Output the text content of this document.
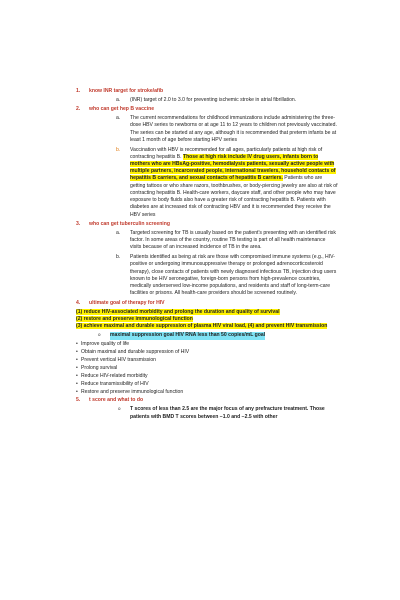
1.	know INR target for stroke/afib
a.	(INR) target of 2.0 to 3.0 for preventing ischemic stroke in atrial fibrillation.
2.	who can get hep B vaccine
a.	The current recommendations for childhood immunizations include administering the three-dose HBV series to newborns or at age 11 to 12 years to children not previously vaccinated. The series can be started at any age, although it is recommended that preterm infants be at least 1 month of age before starting HPV series
b.	Vaccination with HBV is recommended for all ages, particularly patients at high risk of contracting hepatitis B. Those at high risk include IV drug users, infants born to mothers who are HBsAg-positive, hemodialysis patients, sexually active people with multiple partners, incarcerated people, international travelers, household contacts of hepatitis B carriers, and sexual contacts of hepatitis B carriers. Patients who are getting tattoos or who share razors, toothbrushes, or body-piercing jewelry are also at risk of contracting hepatitis B. Health-care workers, daycare staff, and other people who may have exposure to body fluids also have a greater risk of contracting hepatitis B. Patients with diabetes are at increased risk of contracting HBV and it is recommended they receive the HBV series
3.	who can get tuberculin screening
a.	Targeted screening for TB is usually based on the patient's presenting with an identified risk factor. In some areas of the country, routine TB testing is part of all health maintenance visits because of an increased incidence of TB in the area.
b.	Patients identified as being at risk are those with compromised immune systems (e.g., HIV-positive or undergoing immunosuppressive therapy or prolonged adrenocorticosteroid therapy), close contacts of patients with newly diagnosed infectious TB, injection drug users known to be HIV seronegative, foreign-born persons from high-prevalence countries, medically underserved low-income populations, and residents and staff of long-term-care facilities or prisons. All health-care providers should be screened routinely.
4.	ultimate goal of therapy for HIV
(1) reduce HIV-associated morbidity and prolong the duration and quality of survival
(2) restore and preserve immunological function
(3) achieve maximal and durable suppression of plasma HIV viral load, (4) and prevent HIV transmission
o	maximal suppression goal HIV RNA less than 50 copies/mL goal
• Improve quality of life
• Obtain maximal and durable suppression of HIV
• Prevent vertical HIV transmission
• Prolong survival
• Reduce HIV-related morbidity
• Reduce transmissibility of HIV
• Restore and preserve immunological function
5.	t score and what to do
o	T scores of less than 2.5 are the major focus of any prefracture treatment. Those patients with BMD T scores between −1.0 and −2.5 with other
